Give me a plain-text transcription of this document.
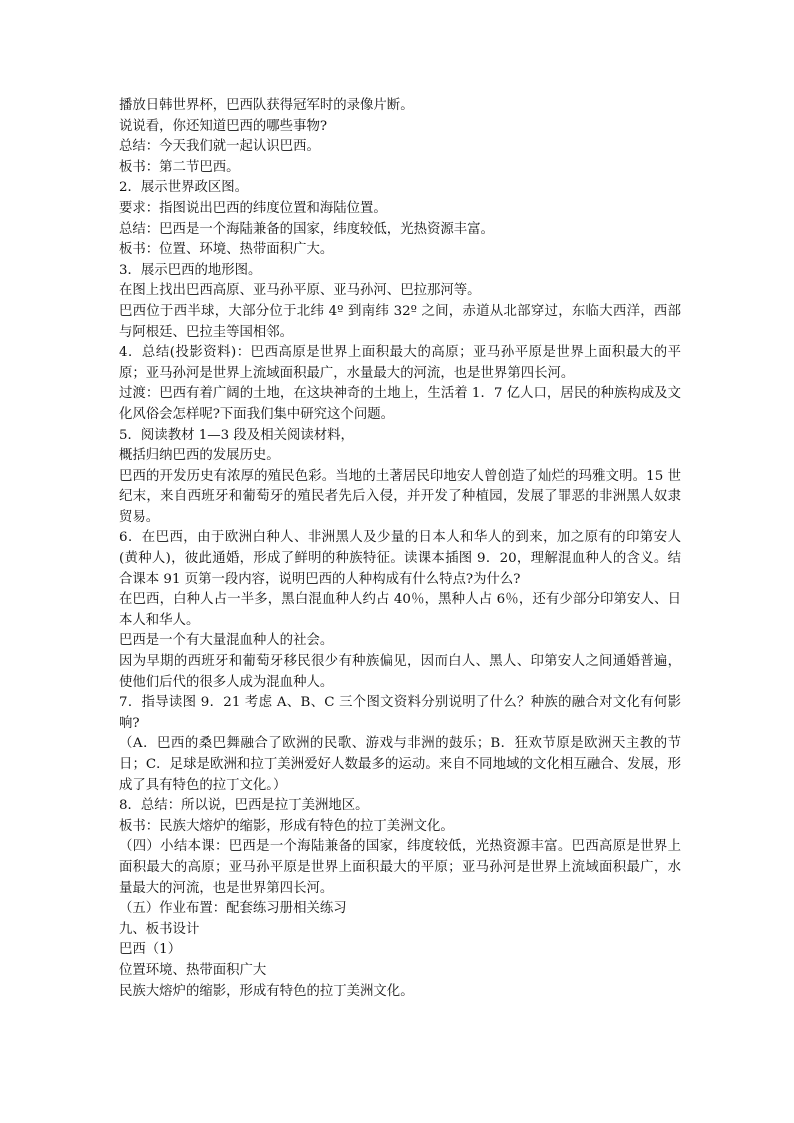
播放日韩世界杯，巴西队获得冠军时的录像片断。

说说看，你还知道巴西的哪些事物?

总结：今天我们就一起认识巴西。

板书：第二节巴西。

2．展示世界政区图。

要求：指图说出巴西的纬度位置和海陆位置。

总结：巴西是一个海陆兼备的国家，纬度较低，光热资源丰富。

板书：位置、环境、热带面积广大。

3．展示巴西的地形图。

在图上找出巴西高原、亚马孙平原、亚马孙河、巴拉那河等。

巴西位于西半球，大部分位于北纬 4º 到南纬 32º 之间，赤道从北部穿过，东临大西洋，西部与阿根廷、巴拉圭等国相邻。

4．总结(投影资料)：巴西高原是世界上面积最大的高原；亚马孙平原是世界上面积最大的平原；亚马孙河是世界上流域面积最广，水量最大的河流，也是世界第四长河。

过渡：巴西有着广阔的土地，在这块神奇的土地上，生活着 1．7 亿人口，居民的种族构成及文化风俗会怎样呢?下面我们集中研究这个问题。

5．阅读教材 1—3 段及相关阅读材料，

概括归纳巴西的发展历史。

巴西的开发历史有浓厚的殖民色彩。当地的土著居民印地安人曾创造了灿烂的玛雅文明。15 世纪末，来自西班牙和葡萄牙的殖民者先后入侵，并开发了种植园，发展了罪恶的非洲黑人奴隶贸易。

6．在巴西，由于欧洲白种人、非洲黑人及少量的日本人和华人的到来，加之原有的印第安人(黄种人)，彼此通婚，形成了鲜明的种族特征。读课本插图 9．20，理解混血种人的含义。结合课本 91 页第一段内容，说明巴西的人种构成有什么特点?为什么?

在巴西，白种人占一半多，黑白混血种人约占 40％，黑种人占 6％，还有少部分印第安人、日本人和华人。

巴西是一个有大量混血种人的社会。

因为早期的西班牙和葡萄牙移民很少有种族偏见，因而白人、黑人、印第安人之间通婚普遍，使他们后代的很多人成为混血种人。

7．指导读图 9．21 考虑 A、B、C 三个图文资料分别说明了什么？种族的融合对文化有何影响?

（A．巴西的桑巴舞融合了欧洲的民歌、游戏与非洲的鼓乐；B．狂欢节原是欧洲天主教的节日；C．足球是欧洲和拉丁美洲爱好人数最多的运动。来自不同地域的文化相互融合、发展，形成了具有特色的拉丁文化。）

8．总结：所以说，巴西是拉丁美洲地区。

板书：民族大熔炉的缩影，形成有特色的拉丁美洲文化。

（四）小结本课：巴西是一个海陆兼备的国家，纬度较低，光热资源丰富。巴西高原是世界上面积最大的高原；亚马孙平原是世界上面积最大的平原；亚马孙河是世界上流域面积最广，水量最大的河流，也是世界第四长河。

（五）作业布置：配套练习册相关练习

九、板书设计

巴西（1）

位置环境、热带面积广大

民族大熔炉的缩影，形成有特色的拉丁美洲文化。
